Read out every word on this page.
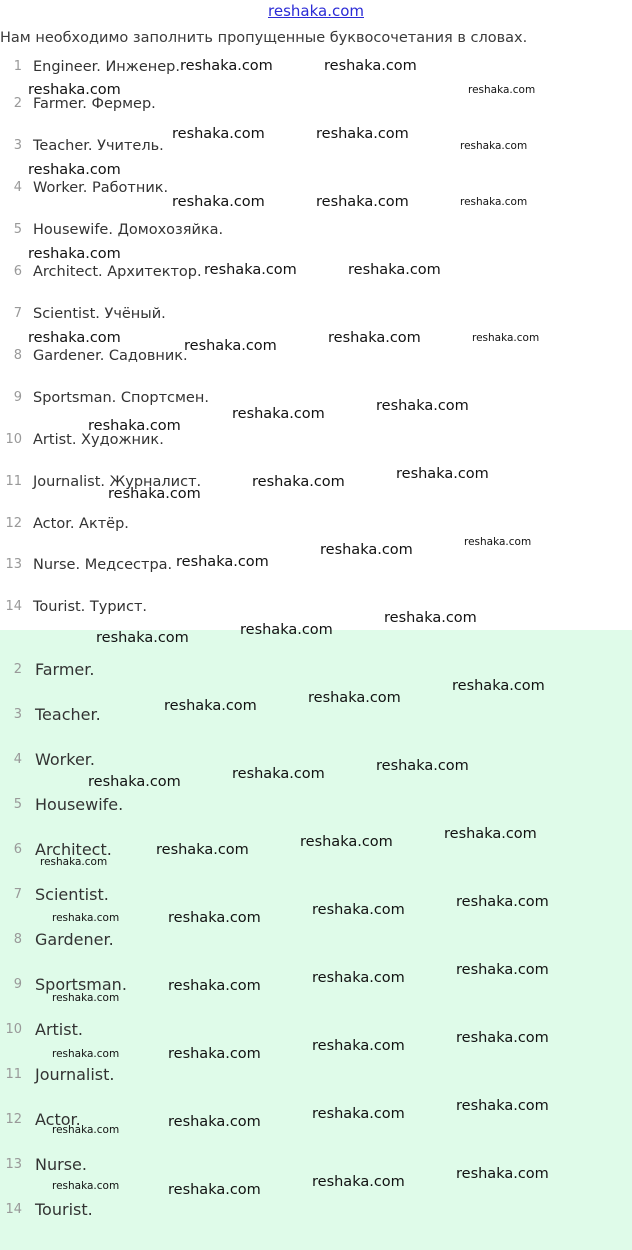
reshaka.com
Нам необходимо заполнить пропущенные буквосочетания в словах.
1 Engineer. Инженер.
2 Farmer. Фермер.
3 Teacher. Учитель.
4 Worker. Работник.
5 Housewife. Домохозяйка.
6 Architect. Архитектор.
7 Scientist. Учёный.
8 Gardener. Садовник.
9 Sportsman. Спортсмен.
10 Artist. Художник.
11 Journalist. Журналист.
12 Actor. Актёр.
13 Nurse. Медсестра.
14 Tourist. Турист.
2 Farmer.
3 Teacher.
4 Worker.
5 Housewife.
6 Architect.
7 Scientist.
8 Gardener.
9 Sportsman.
10 Artist.
11 Journalist.
12 Actor.
13 Nurse.
14 Tourist.
reshaka.com	reshaka.com
reshaka.com	reshaka.com
reshaka.com	reshaka.com
reshaka.com
reshaka.com
reshaka.com	reshaka.com	reshaka.com
reshaka.com
reshaka.com	reshaka.com
reshaka.com	reshaka.com	reshaka.com
reshaka.com
reshaka.com
reshaka.com
reshaka.com
reshaka.com
reshaka.com
reshaka.com
reshaka.com
reshaka.com
reshaka.com
reshaka.com
reshaka.com
reshaka.com
reshaka.com
reshaka.com
reshaka.com
reshaka.com
reshaka.com
reshaka.com
reshaka.com
reshaka.com
reshaka.com
reshaka.com
reshaka.com
reshaka.com
reshaka.com	reshaka.com
reshaka.com
reshaka.com
reshaka.com
reshaka.com
reshaka.com
reshaka.com
reshaka.com	reshaka.com
reshaka.com
reshaka.com
reshaka.com
reshaka.com
reshaka.com
reshaka.com
reshaka.com	reshaka.com
